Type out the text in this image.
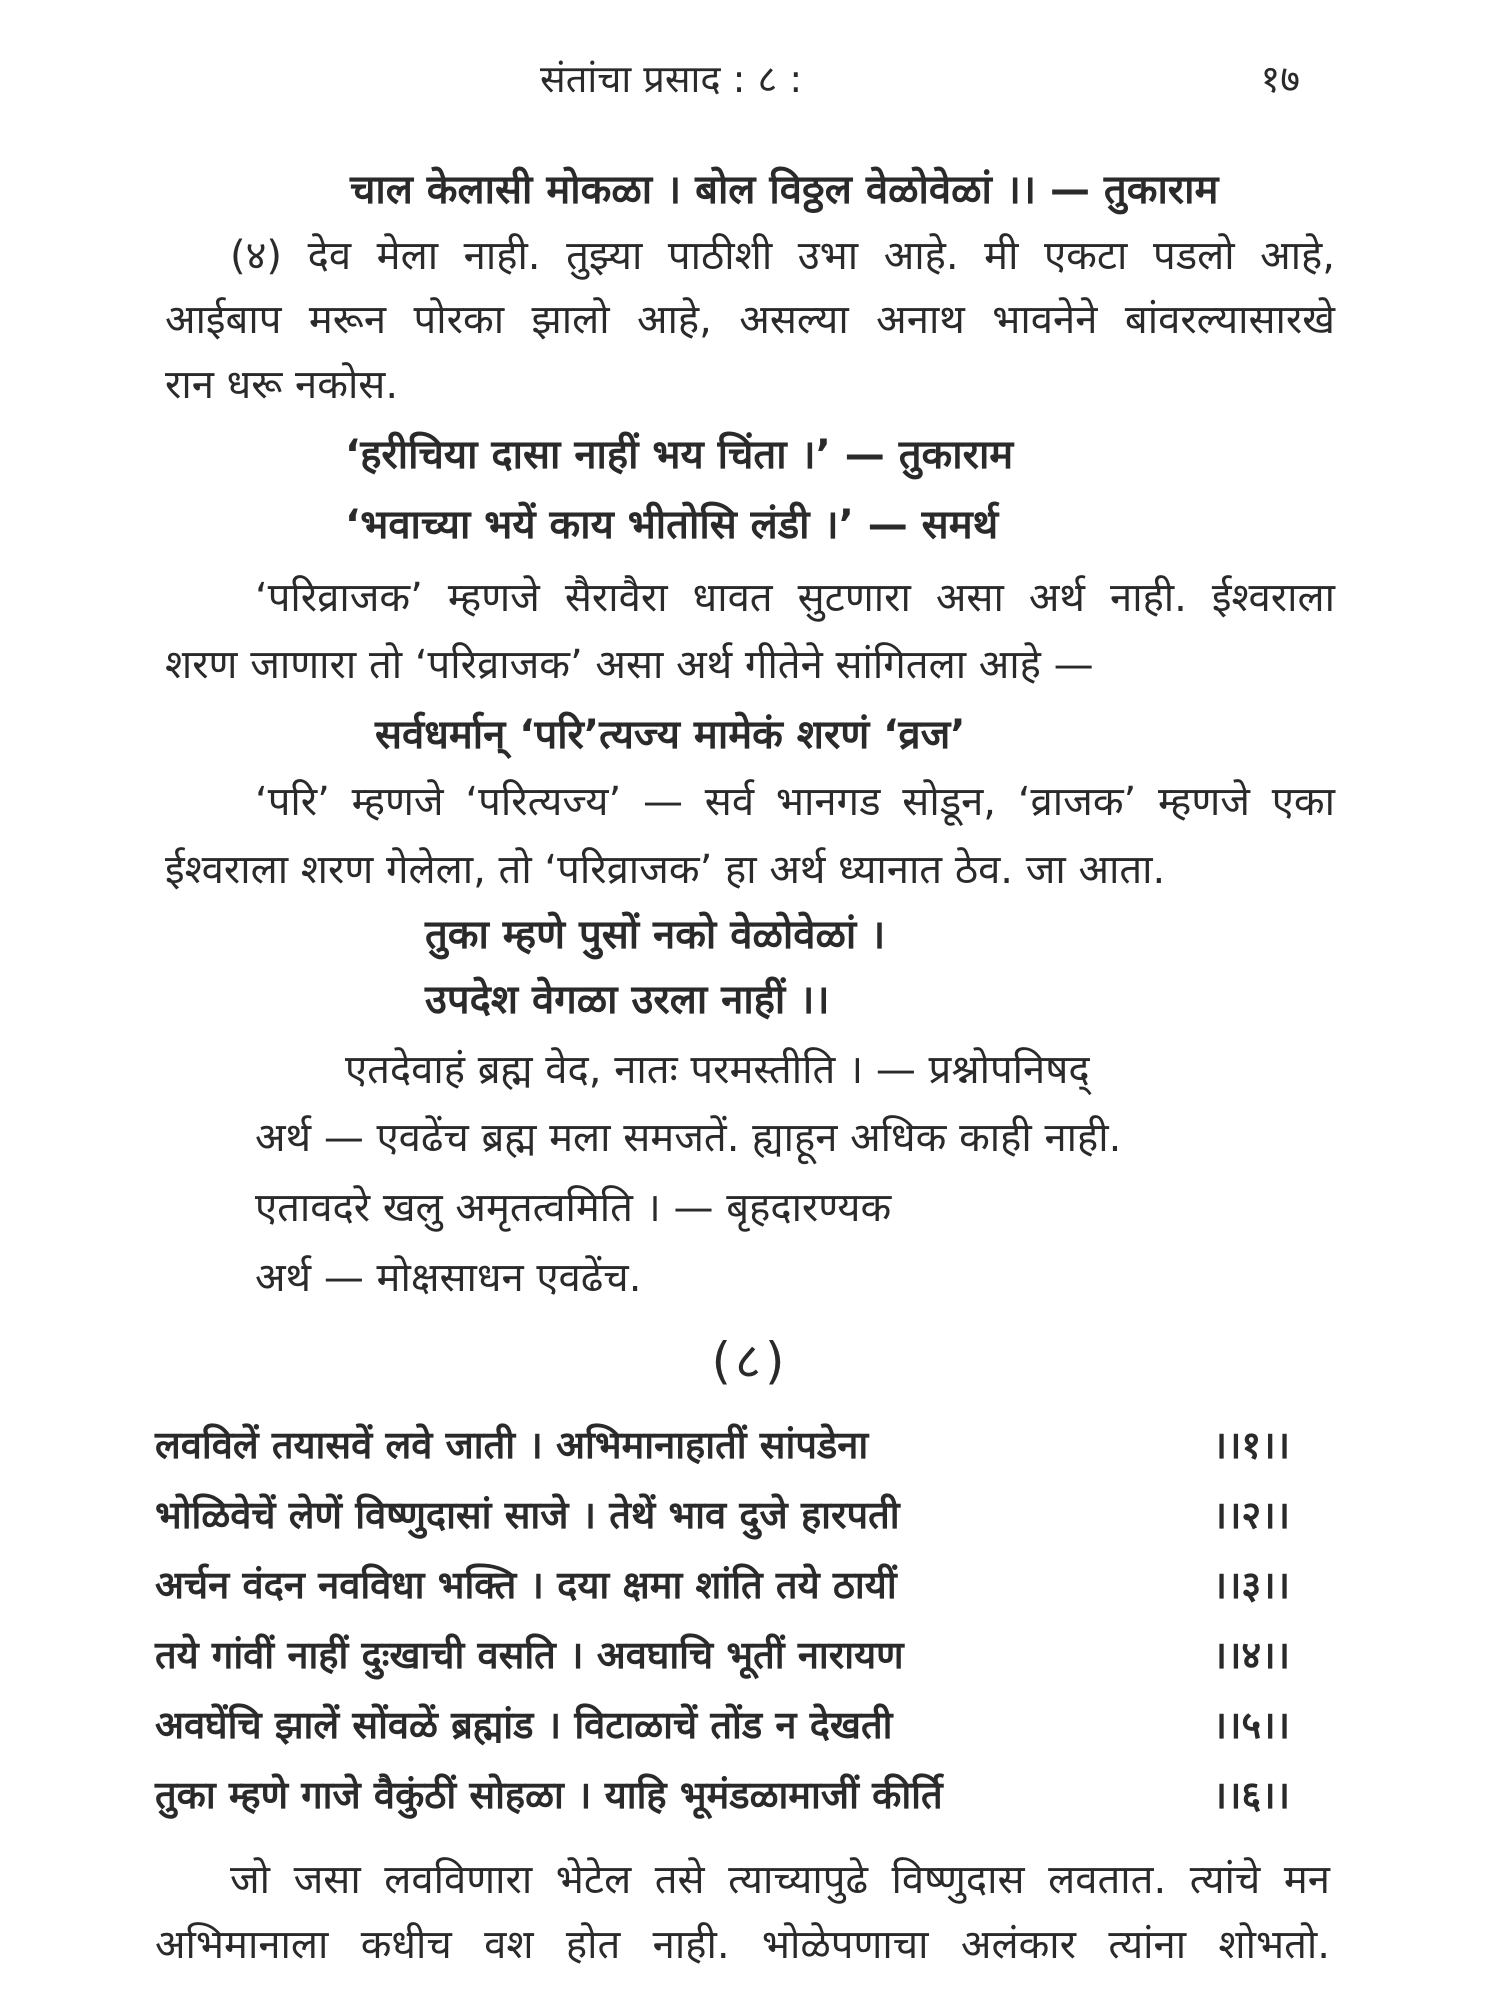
संतांचा प्रसाद : ८ :	१७
चाल केलासी मोकळा । बोल विठ्ठल वेळोवेळां ।। — तुकाराम
(४) देव मेला नाही. तुझ्या पाठीशी उभा आहे. मी एकटा पडलो आहे,
आईबाप मरून पोरका झालो आहे, असल्या अनाथ भावनेने बांवरल्यासारखे
रान धरू नकोस.
‘हरीचिया दासा नाहीं भय चिंता ।’ — तुकाराम
‘भवाच्या भयें काय भीतोसि लंडी ।’ — समर्थ
‘परिव्राजक’ म्हणजे सैरावैरा धावत सुटणारा असा अर्थ नाही. ईश्वराला
शरण जाणारा तो ‘परिव्राजक’ असा अर्थ गीतेने सांगितला आहे —
सर्वधर्मान् ‘परि’त्यज्य मामेकं शरणं ‘व्रज’
‘परि’ म्हणजे ‘परित्यज्य’ — सर्व भानगड सोडून, ‘व्राजक’ म्हणजे एका
ईश्वराला शरण गेलेला, तो ‘परिव्राजक’ हा अर्थ ध्यानात ठेव. जा आता.
तुका म्हणे पुसों नको वेळोवेळां ।
उपदेश वेगळा उरला नाहीं ।।
एतदेवाहं ब्रह्म वेद, नातः परमस्तीति । — प्रश्नोपनिषद्
अर्थ — एवढेंच ब्रह्म मला समजतें. ह्याहून अधिक काही नाही.
एतावदरे खलु अमृतत्वमिति । — बृहदारण्यक
अर्थ — मोक्षसाधन एवढेंच.
(८)
लवविलें तयासवें लवे जाती । अभिमानाहातीं सांपडेना	।।१।।
भोळिवेचें लेणें विष्णुदासां साजे । तेथें भाव दुजे हारपती	।।२।।
अर्चन वंदन नवविधा भक्ति । दया क्षमा शांति तये ठायीं	।।३।।
तये गांवीं नाहीं दुःखाची वसति । अवघाचि भूतीं नारायण	।।४।।
अवघेंचि झालें सोंवळें ब्रह्मांड । विटाळाचें तोंड न देखती	।।५।।
तुका म्हणे गाजे वैकुंठीं सोहळा । याहि भूमंडळामाजीं कीर्ति	।।६।।
जो जसा लवविणारा भेटेल तसे त्याच्यापुढे विष्णुदास लवतात. त्यांचे मन
अभिमानाला कधीच वश होत नाही. भोळेपणाचा अलंकार त्यांना शोभतो.
